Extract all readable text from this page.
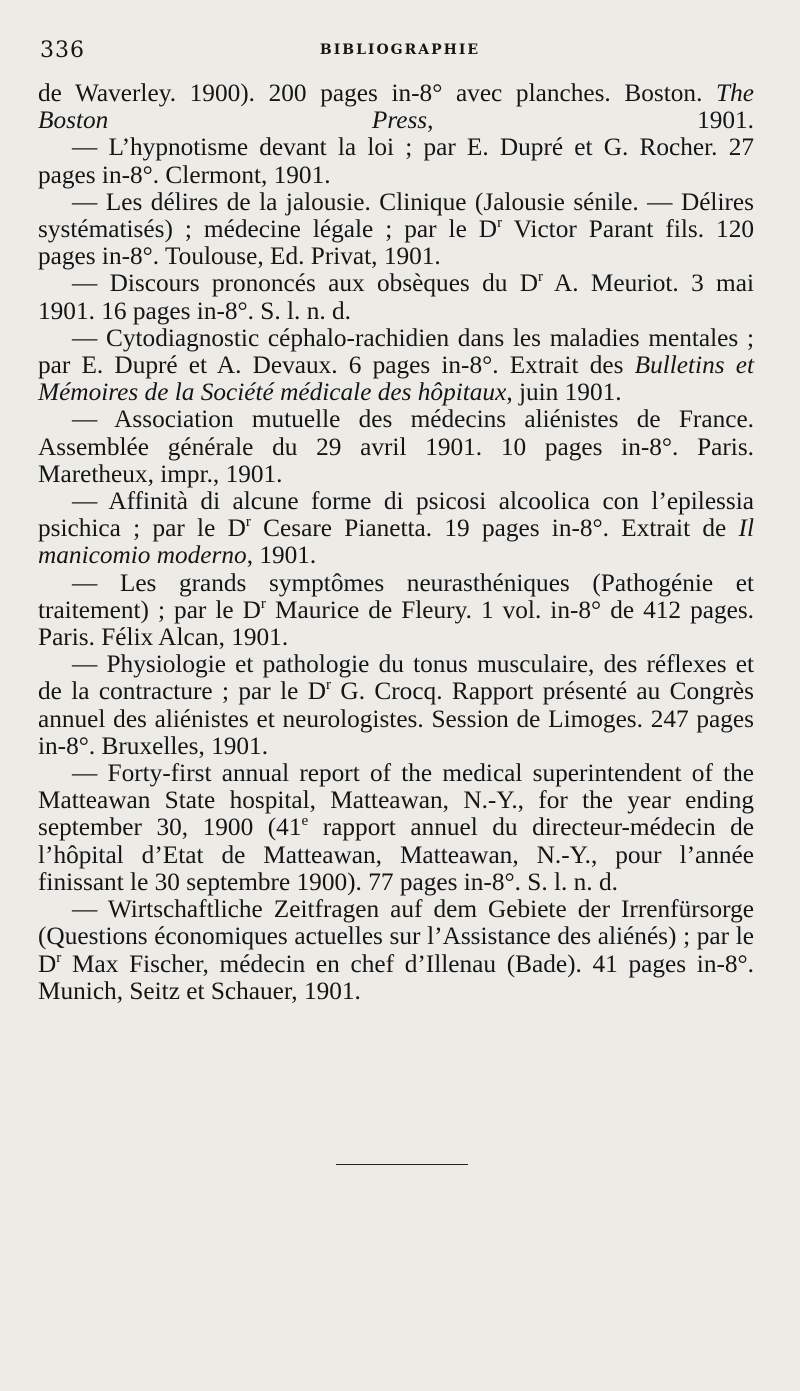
336	BIBLIOGRAPHIE

de Waverley. 1900). 200 pages in-8° avec planches. Boston. The Boston Press, 1901.

— L’hypnotisme devant la loi ; par E. Dupré et G. Rocher. 27 pages in-8°. Clermont, 1901.

— Les délires de la jalousie. Clinique (Jalousie sénile. — Délires systématisés) ; médecine légale ; par le $D^r$ Victor Parant fils. 120 pages in-8°. Toulouse, Ed. Privat, 1901.

— Discours prononcés aux obsèques du $D^r$ A. Meuriot. 3 mai 1901. 16 pages in-8°. S. l. n. d.

— Cytodiagnostic céphalo-rachidien dans les maladies mentales ; par E. Dupré et A. Devaux. 6 pages in-8°. Extrait des Bulletins et Mémoires de la Société médicale des hôpitaux, juin 1901.

— Association mutuelle des médecins aliénistes de France. Assemblée générale du 29 avril 1901. 10 pages in-8°. Paris. Maretheux, impr., 1901.

— Affinità di alcune forme di psicosi alcoolica con l’epilessia psichica ; par le $D^r$ Cesare Pianetta. 19 pages in-8°. Extrait de Il manicomio moderno, 1901.

— Les grands symptômes neurasthéniques (Pathogénie et traitement) ; par le $D^r$ Maurice de Fleury. 1 vol. in-8° de 412 pages. Paris. Félix Alcan, 1901.

— Physiologie et pathologie du tonus musculaire, des réflexes et de la contracture ; par le $D^r$ G. Crocq. Rapport présenté au Congrès annuel des aliénistes et neurologistes. Session de Limoges. 247 pages in-8°. Bruxelles, 1901.

— Forty-first annual report of the medical superintendent of the Matteawan State hospital, Matteawan, N.-Y., for the year ending september 30, 1900 (41e rapport annuel du directeur-médecin de l’hôpital d’Etat de Matteawan, Matteawan, N.-Y., pour l’année finissant le 30 septembre 1900). 77 pages in-8°. S. l. n. d.

— Wirtschaftliche Zeitfragen auf dem Gebiete der Irrenfürsorge (Questions économiques actuelles sur l’Assistance des aliénés) ; par le $D^r$ Max Fischer, médecin en chef d’Illenau (Bade). 41 pages in-8°. Munich, Seitz et Schauer, 1901.
